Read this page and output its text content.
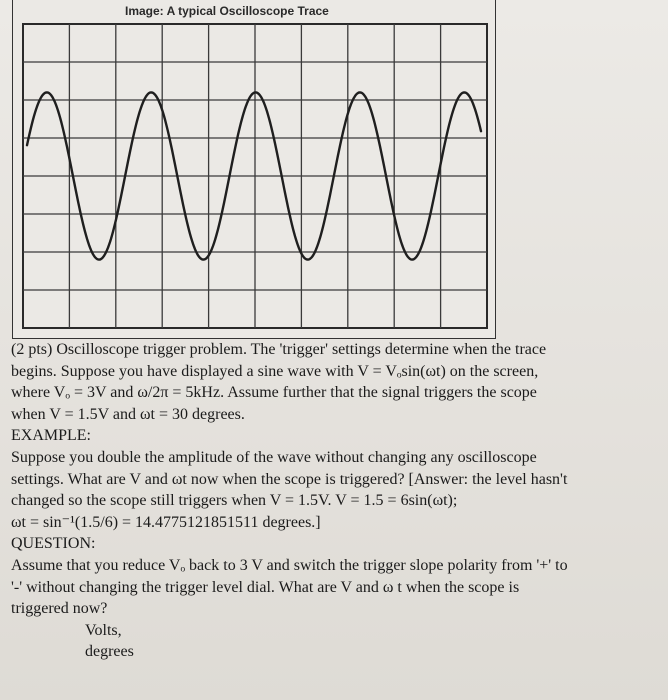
Image: A typical Oscilloscope Trace
(2 pts) Oscilloscope trigger problem. The 'trigger' settings determine when the trace
begins. Suppose you have displayed a sine wave with V = Vₒsin(ωt) on the screen,
where Vₒ = 3V and ω/2π = 5kHz. Assume further that the signal triggers the scope
when V = 1.5V and ωt = 30 degrees.
EXAMPLE:
Suppose you double the amplitude of the wave without changing any oscilloscope
settings. What are V and ωt now when the scope is triggered? [Answer: the level hasn't
changed so the scope still triggers when V = 1.5V. V = 1.5 = 6sin(ωt);
ωt = sin⁻¹(1.5/6) = 14.4775121851511 degrees.]
QUESTION:
Assume that you reduce Vₒ back to 3 V and switch the trigger slope polarity from '+' to
'-' without changing the trigger level dial. What are V and ω t when the scope is
triggered now?
Volts,
degrees
